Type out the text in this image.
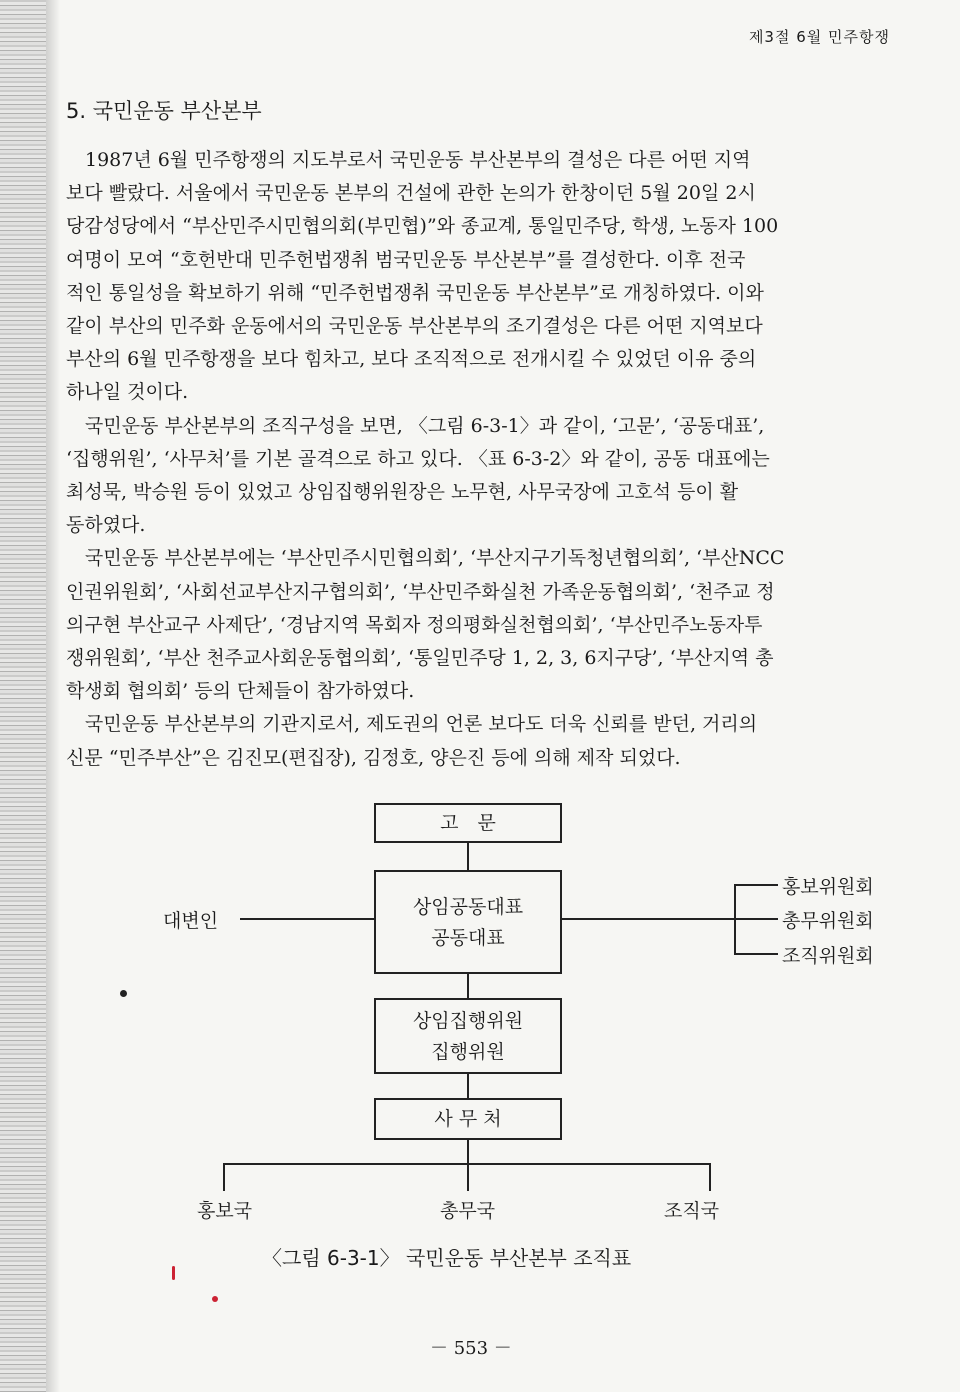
제3절 6월 민주항쟁
5. 국민운동 부산본부
　1987년 6월 민주항쟁의 지도부로서 국민운동 부산본부의 결성은 다른 어떤 지역
보다 빨랐다. 서울에서 국민운동 본부의 건설에 관한 논의가 한창이던 5월 20일 2시
당감성당에서 “부산민주시민협의회(부민협)”와 종교계, 통일민주당, 학생, 노동자 100
여명이 모여 “호헌반대 민주헌법쟁취 범국민운동 부산본부”를 결성한다. 이후 전국
적인 통일성을 확보하기 위해 “민주헌법쟁취 국민운동 부산본부”로 개칭하였다. 이와
같이 부산의 민주화 운동에서의 국민운동 부산본부의 조기결성은 다른 어떤 지역보다
부산의 6월 민주항쟁을 보다 힘차고, 보다 조직적으로 전개시킬 수 있었던 이유 중의
하나일 것이다.
　국민운동 부산본부의 조직구성을 보면, 〈그림 6-3-1〉과 같이, ‘고문’, ‘공동대표’,
‘집행위원’, ‘사무처’를 기본 골격으로 하고 있다. 〈표 6-3-2〉와 같이, 공동 대표에는
최성묵, 박승원 등이 있었고 상임집행위원장은 노무현, 사무국장에 고호석 등이 활
동하였다.
　국민운동 부산본부에는 ‘부산민주시민협의회’, ‘부산지구기독청년협의회’, ‘부산NCC
인권위원회’, ‘사회선교부산지구협의회’, ‘부산민주화실천 가족운동협의회’, ‘천주교 정
의구현 부산교구 사제단’, ‘경남지역 목회자 정의평화실천협의회’, ‘부산민주노동자투
쟁위원회’, ‘부산 천주교사회운동협의회’, ‘통일민주당 1, 2, 3, 6지구당’, ‘부산지역 총
학생회 협의회’ 등의 단체들이 참가하였다.
　국민운동 부산본부의 기관지로서, 제도권의 언론 보다도 더욱 신뢰를 받던, 거리의
신문 “민주부산”은 김진모(편집장), 김정호, 양은진 등에 의해 제작 되었다.
고　문
상임공동대표
공동대표
대변인
홍보위원회
총무위원회
조직위원회
상임집행위원
집행위원
사 무 처
홍보국	총무국	조직국
〈그림 6-3-1〉 국민운동 부산본부 조직표
－ 553 －
